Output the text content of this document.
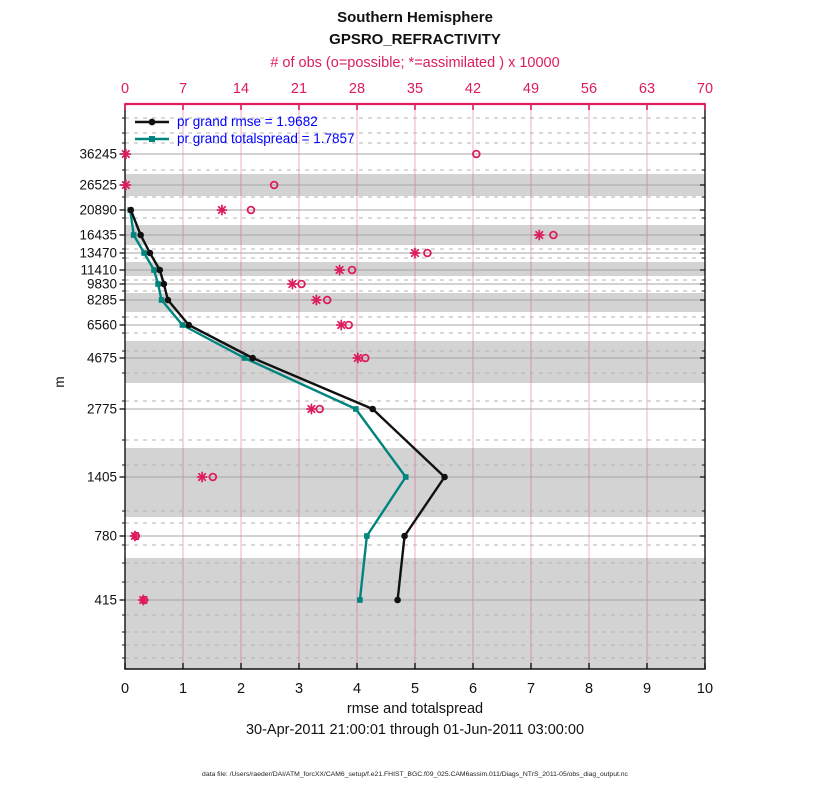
0	7	14	21	28	35	42	49	56	63	70
0	1	2	3	4	5	6	7	8	9	10
36245
26525
20890
16435
13470
11410
9830
8285
6560
4675
2775
1405
780
415
Southern Hemisphere
GPSRO_REFRACTIVITY
# of obs (o=possible; *=assimilated ) x 10000
pr grand rmse = 1.9682
pr grand totalspread = 1.7857
m
rmse and totalspread
30-Apr-2011 21:00:01 through 01-Jun-2011 03:00:00
data file: /Users/raeder/DAI/ATM_forcXX/CAM6_setup/f.e21.FHIST_BGC.f09_025.CAM6assim.011/Diags_NTrS_2011-05/obs_diag_output.nc
